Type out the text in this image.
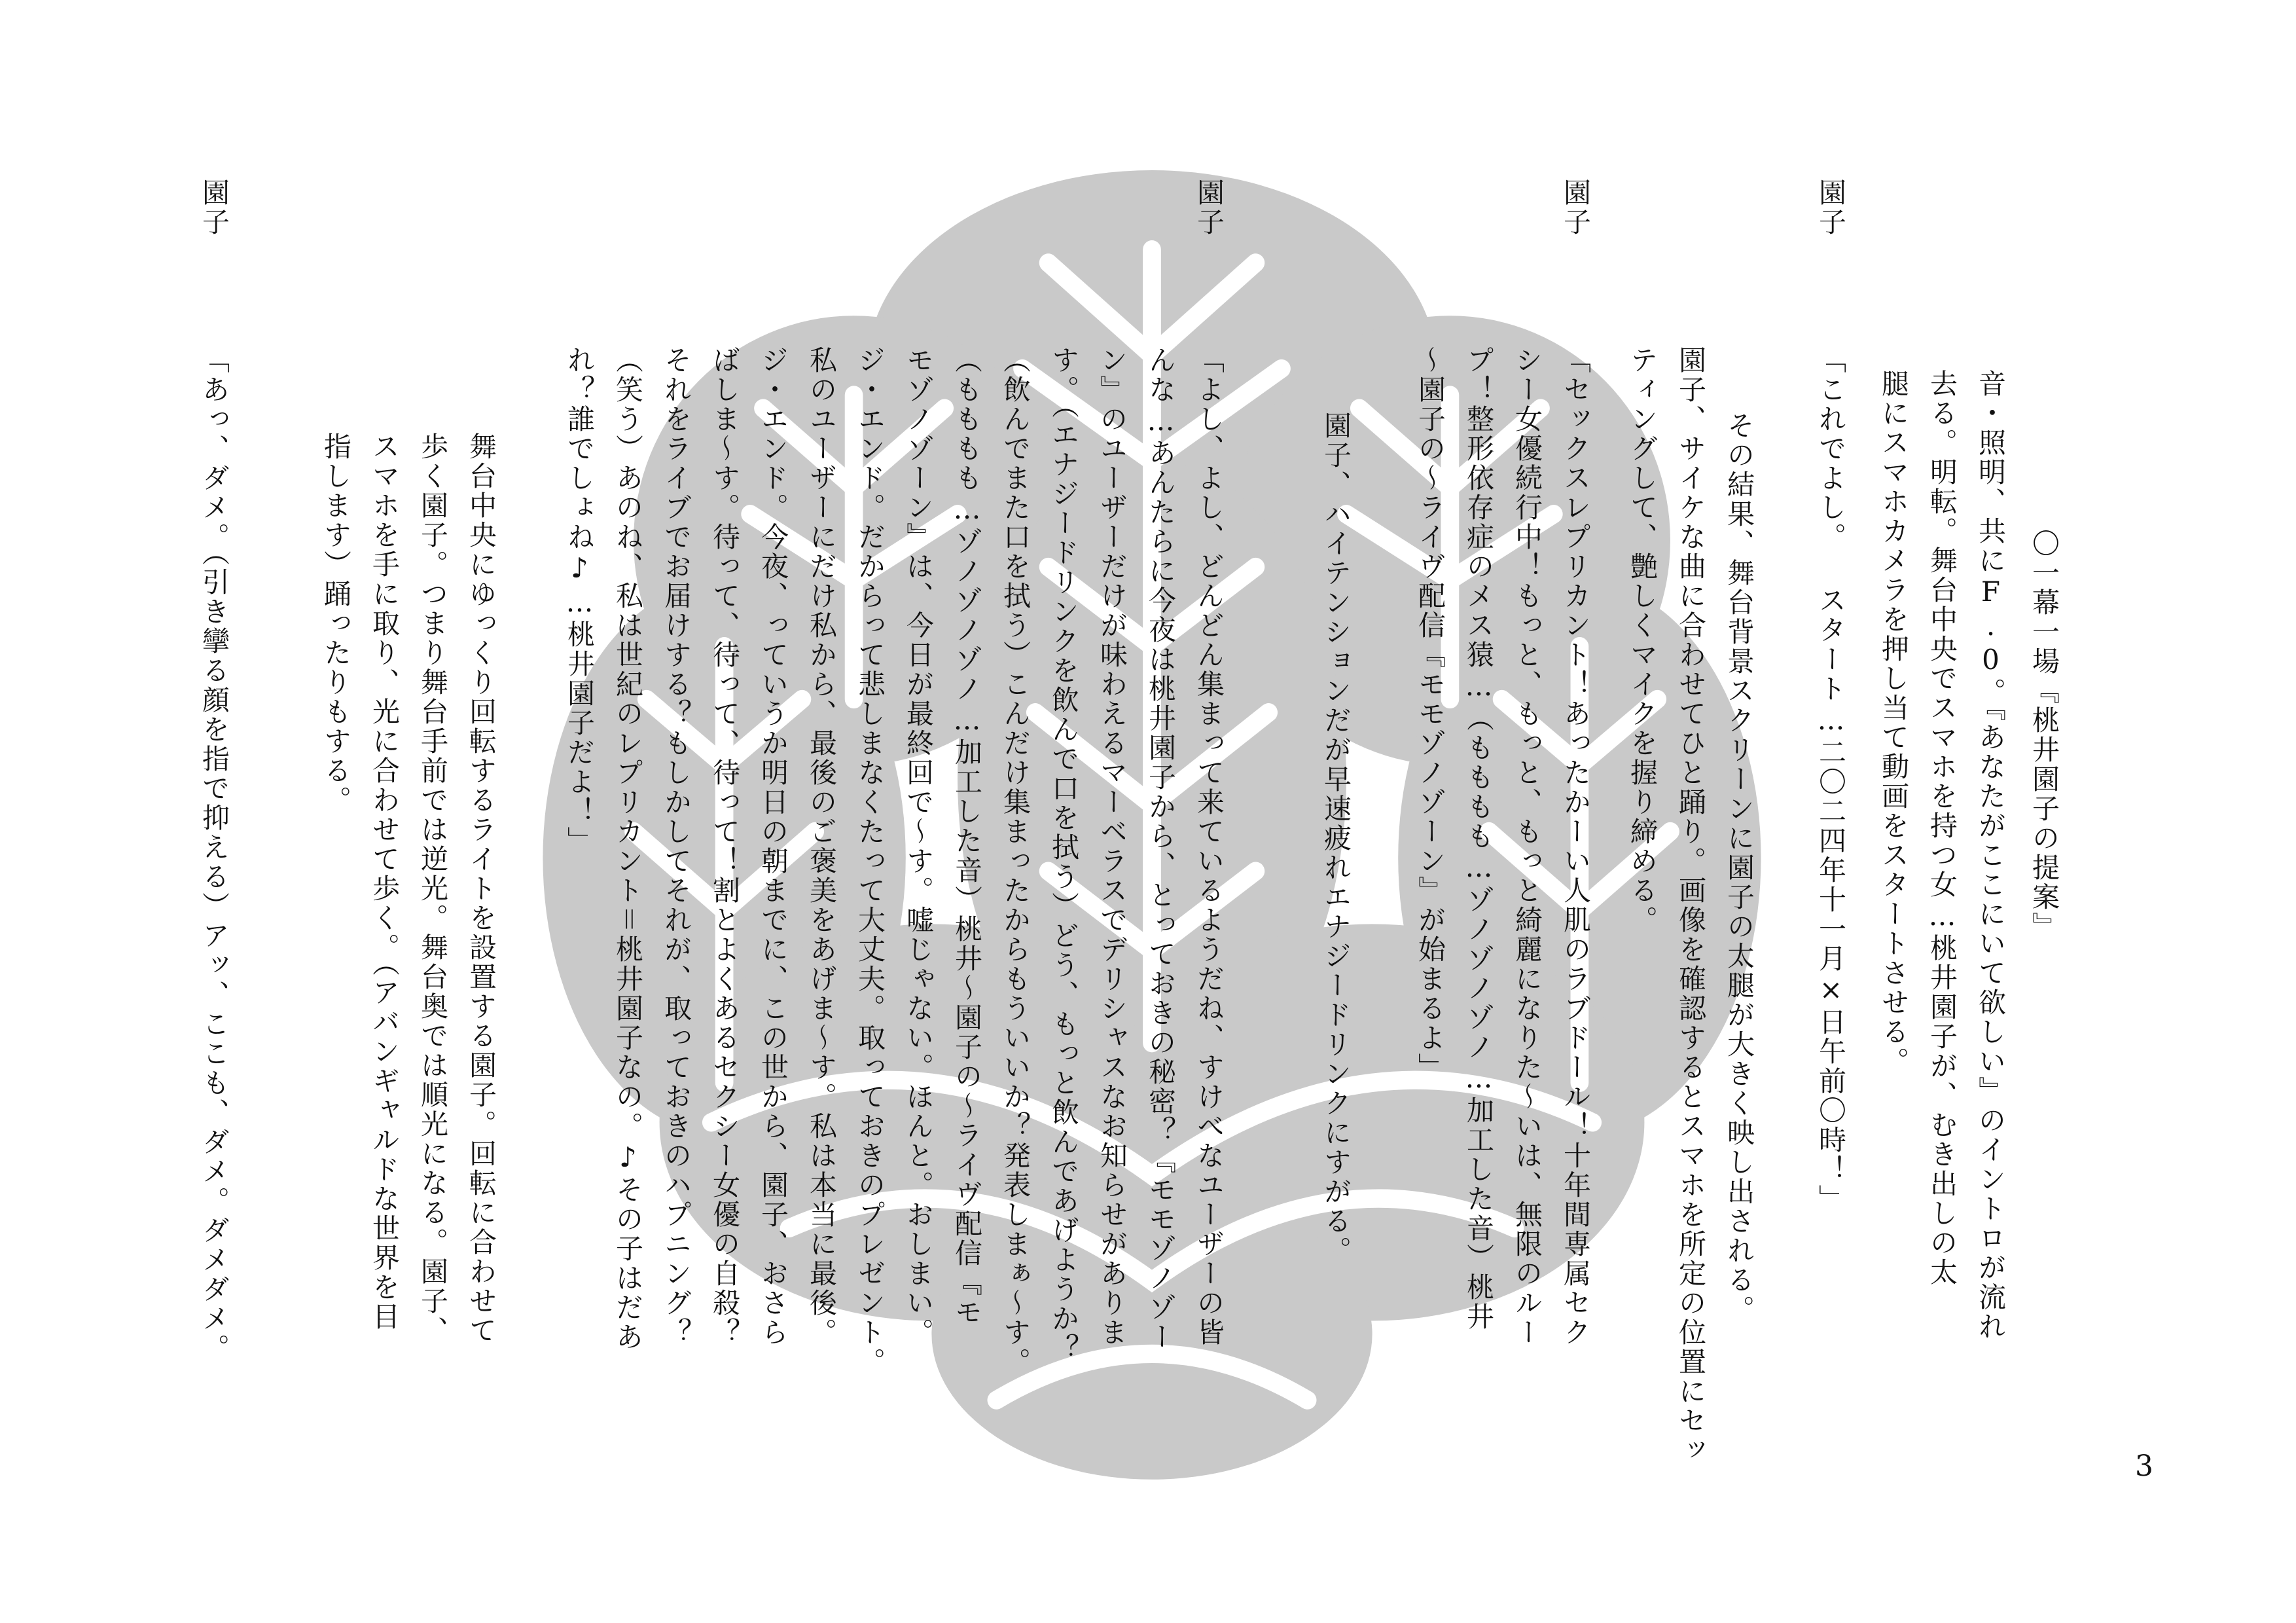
〇一幕一場『桃井園子の提案』
音・照明、共にF.0。『あなたがここにいて欲しい』のイントロが流れ
去る。明転。舞台中央でスマホを持つ女…桃井園子が、むき出しの太
腿にスマホカメラを押し当て動画をスタートさせる。
園子
「これでよし。 スタート…二〇二四年十一月×日午前〇時！」
その結果、舞台背景スクリーンに園子の太腿が大きく映し出される。
園子、サイケな曲に合わせてひと踊り。画像を確認するとスマホを所定の位置にセッ
ティングして、艶しくマイクを握り締める。
園子
「セックスレプリカント！あったかーい人肌のラブドール！十年間専属セク
シー女優続行中！もっと、もっと、もっと綺麗になりた〜いは、無限のルー
プ！整形依存症のメス猿…（もももも…ゾノゾノゾノ…加工した音）桃井
〜園子の〜ライヴ配信『モモゾノゾーン』が始まるよ」
園子、ハイテンションだが早速疲れエナジードリンクにすがる。
園子
「よし、よし、どんどん集まって来ているようだね、すけべなユーザーの皆
んな…あんたらに今夜は桃井園子から、とっておきの秘密？『モモゾノゾー
ン』のユーザーだけが味わえるマーベラスでデリシャスなお知らせがありま
す。（エナジードリンクを飲んで口を拭う）どう、もっと飲んであげようか？
（飲んでまた口を拭う）こんだけ集まったからもういいか？発表しまぁ〜す。
（もももも…ゾノゾノゾノ…加工した音）桃井〜園子の〜ライヴ配信『モ
モゾノゾーン』は、今日が最終回で〜す。嘘じゃない。ほんと。おしまい。
ジ・エンド。だからって悲しまなくたって大丈夫。取っておきのプレゼント。
私のユーザーにだけ私から、最後のご褒美をあげま〜す。私は本当に最後。
ジ・エンド。今夜、っていうか明日の朝までに、この世から、園子、おさら
ばしま〜す。待って、待って、待って！割とよくあるセクシー女優の自殺？
それをライブでお届けする？もしかしてそれが、取っておきのハプニング？
（笑う）あのね、私は世紀のレプリカント＝桃井園子なの。♪その子はだあ
れ？誰でしょね♪…桃井園子だよ！」
舞台中央にゆっくり回転するライトを設置する園子。回転に合わせて
歩く園子。つまり舞台手前では逆光。舞台奥では順光になる。園子、
スマホを手に取り、光に合わせて歩く。（アバンギャルドな世界を目
指します）踊ったりもする。
園子
「あっ、ダメ。（引き攣る顔を指で抑える）アッ、ここも、ダメ。ダメダメ。
3
